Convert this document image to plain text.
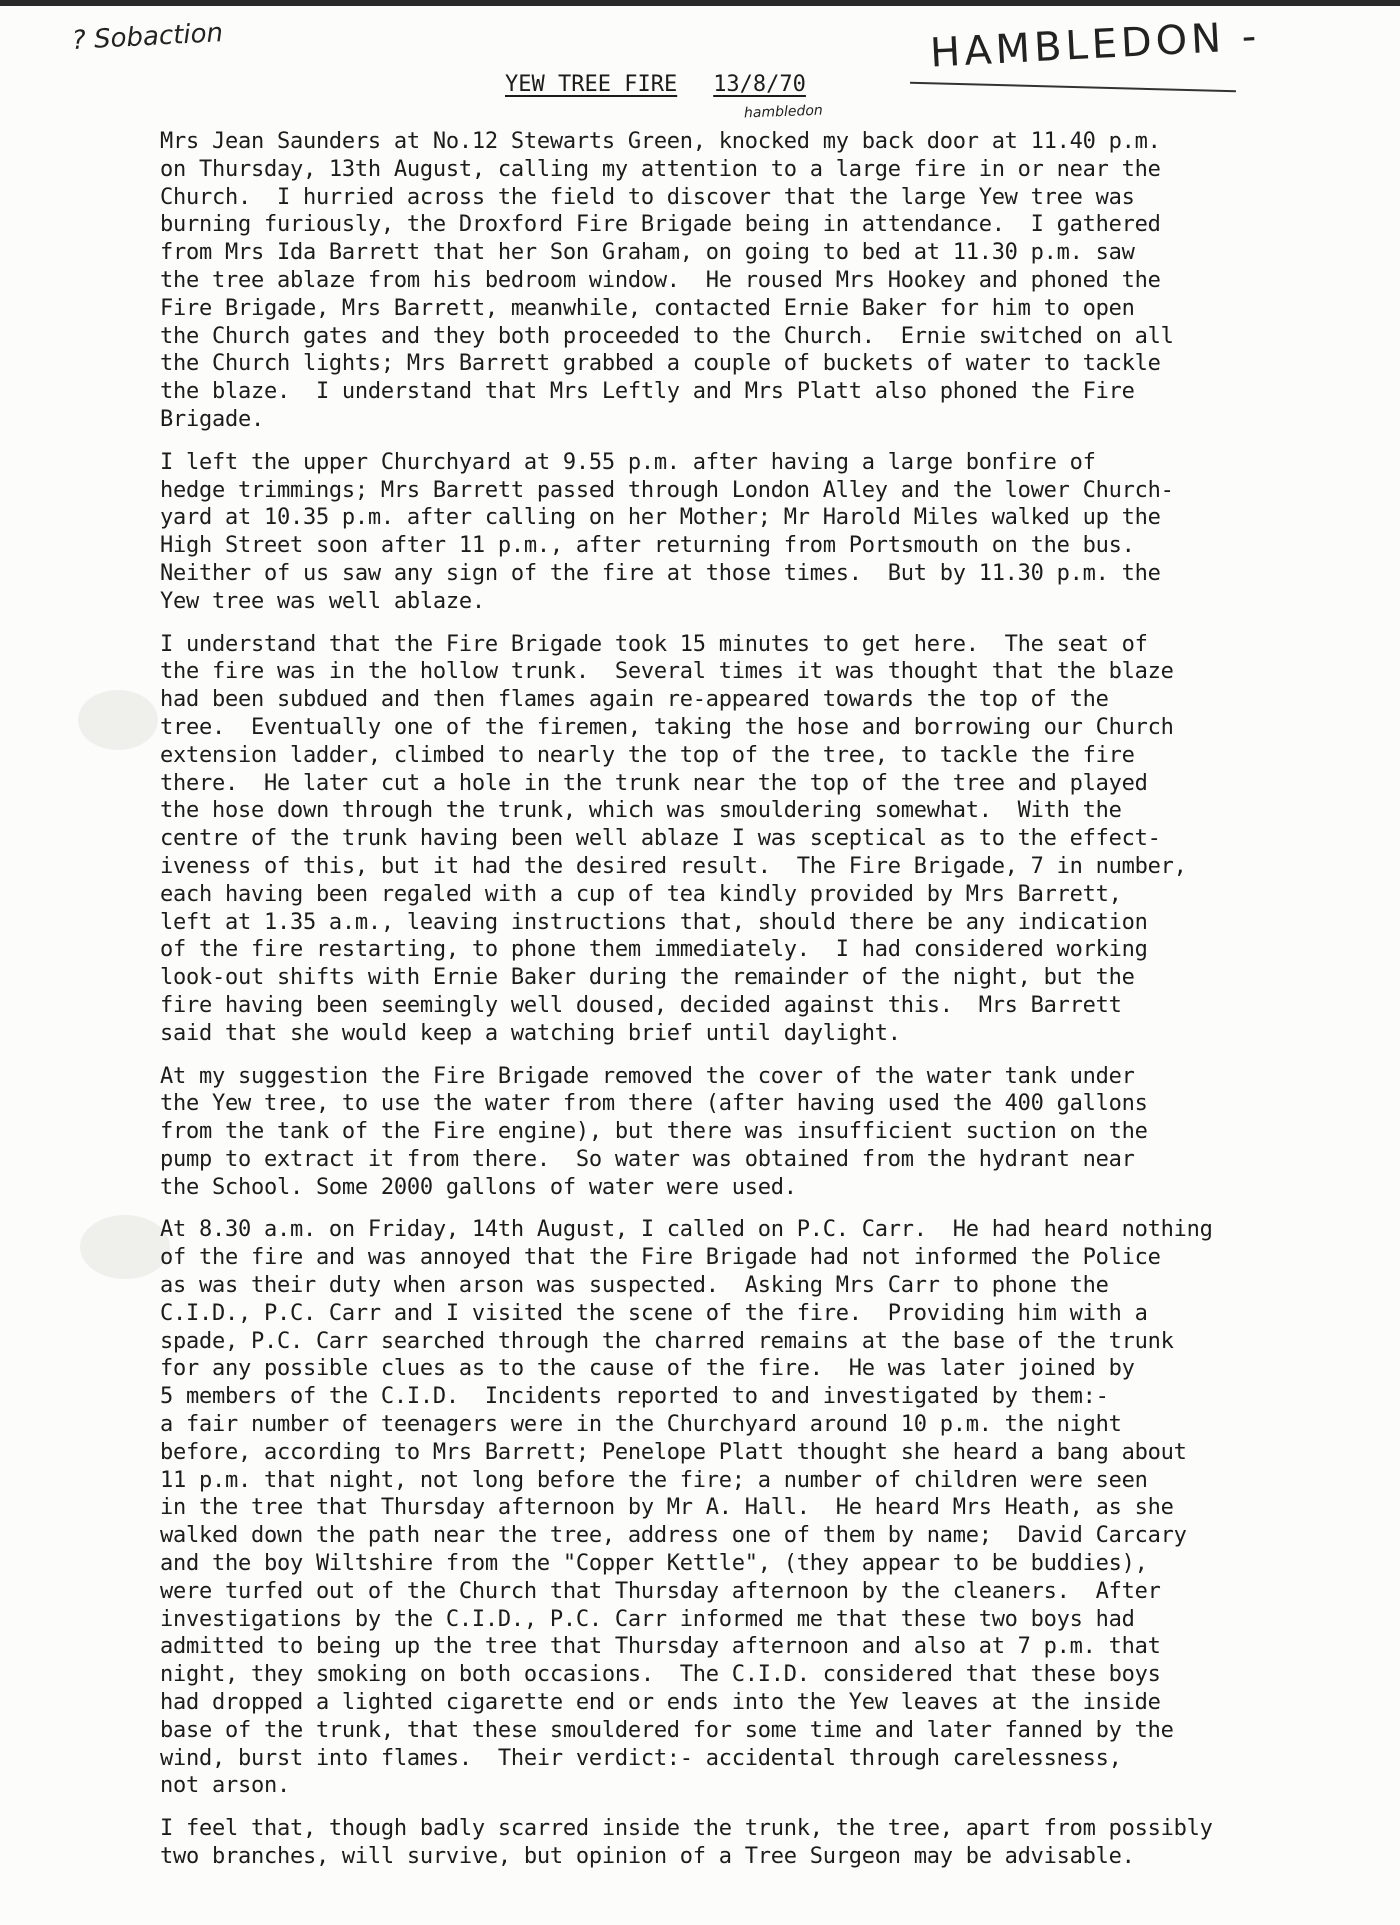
? Sobaction	HAMBLEDON -
hambledon
YEW TREE FIRE 13/8/70
Mrs Jean Saunders at No.12 Stewarts Green, knocked my back door at 11.40 p.m.
on Thursday, 13th August, calling my attention to a large fire in or near the
Church.  I hurried across the field to discover that the large Yew tree was
burning furiously, the Droxford Fire Brigade being in attendance.  I gathered
from Mrs Ida Barrett that her Son Graham, on going to bed at 11.30 p.m. saw
the tree ablaze from his bedroom window.  He roused Mrs Hookey and phoned the
Fire Brigade, Mrs Barrett, meanwhile, contacted Ernie Baker for him to open
the Church gates and they both proceeded to the Church.  Ernie switched on all
the Church lights; Mrs Barrett grabbed a couple of buckets of water to tackle
the blaze.  I understand that Mrs Leftly and Mrs Platt also phoned the Fire
Brigade.
I left the upper Churchyard at 9.55 p.m. after having a large bonfire of
hedge trimmings; Mrs Barrett passed through London Alley and the lower Church-
yard at 10.35 p.m. after calling on her Mother; Mr Harold Miles walked up the
High Street soon after 11 p.m., after returning from Portsmouth on the bus.
Neither of us saw any sign of the fire at those times.  But by 11.30 p.m. the
Yew tree was well ablaze.
I understand that the Fire Brigade took 15 minutes to get here.  The seat of
the fire was in the hollow trunk.  Several times it was thought that the blaze
had been subdued and then flames again re-appeared towards the top of the
tree.  Eventually one of the firemen, taking the hose and borrowing our Church
extension ladder, climbed to nearly the top of the tree, to tackle the fire
there.  He later cut a hole in the trunk near the top of the tree and played
the hose down through the trunk, which was smouldering somewhat.  With the
centre of the trunk having been well ablaze I was sceptical as to the effect-
iveness of this, but it had the desired result.  The Fire Brigade, 7 in number,
each having been regaled with a cup of tea kindly provided by Mrs Barrett,
left at 1.35 a.m., leaving instructions that, should there be any indication
of the fire restarting, to phone them immediately.  I had considered working
look-out shifts with Ernie Baker during the remainder of the night, but the
fire having been seemingly well doused, decided against this.  Mrs Barrett
said that she would keep a watching brief until daylight.
At my suggestion the Fire Brigade removed the cover of the water tank under
the Yew tree, to use the water from there (after having used the 400 gallons
from the tank of the Fire engine), but there was insufficient suction on the
pump to extract it from there.  So water was obtained from the hydrant near
the School. Some 2000 gallons of water were used.
At 8.30 a.m. on Friday, 14th August, I called on P.C. Carr.  He had heard nothing
of the fire and was annoyed that the Fire Brigade had not informed the Police
as was their duty when arson was suspected.  Asking Mrs Carr to phone the
C.I.D., P.C. Carr and I visited the scene of the fire.  Providing him with a
spade, P.C. Carr searched through the charred remains at the base of the trunk
for any possible clues as to the cause of the fire.  He was later joined by
5 members of the C.I.D.  Incidents reported to and investigated by them:-
a fair number of teenagers were in the Churchyard around 10 p.m. the night
before, according to Mrs Barrett; Penelope Platt thought she heard a bang about
11 p.m. that night, not long before the fire; a number of children were seen
in the tree that Thursday afternoon by Mr A. Hall.  He heard Mrs Heath, as she
walked down the path near the tree, address one of them by name;  David Carcary
and the boy Wiltshire from the "Copper Kettle", (they appear to be buddies),
were turfed out of the Church that Thursday afternoon by the cleaners.  After
investigations by the C.I.D., P.C. Carr informed me that these two boys had
admitted to being up the tree that Thursday afternoon and also at 7 p.m. that
night, they smoking on both occasions.  The C.I.D. considered that these boys
had dropped a lighted cigarette end or ends into the Yew leaves at the inside
base of the trunk, that these smouldered for some time and later fanned by the
wind, burst into flames.  Their verdict:- accidental through carelessness,
not arson.
I feel that, though badly scarred inside the trunk, the tree, apart from possibly
two branches, will survive, but opinion of a Tree Surgeon may be advisable.
